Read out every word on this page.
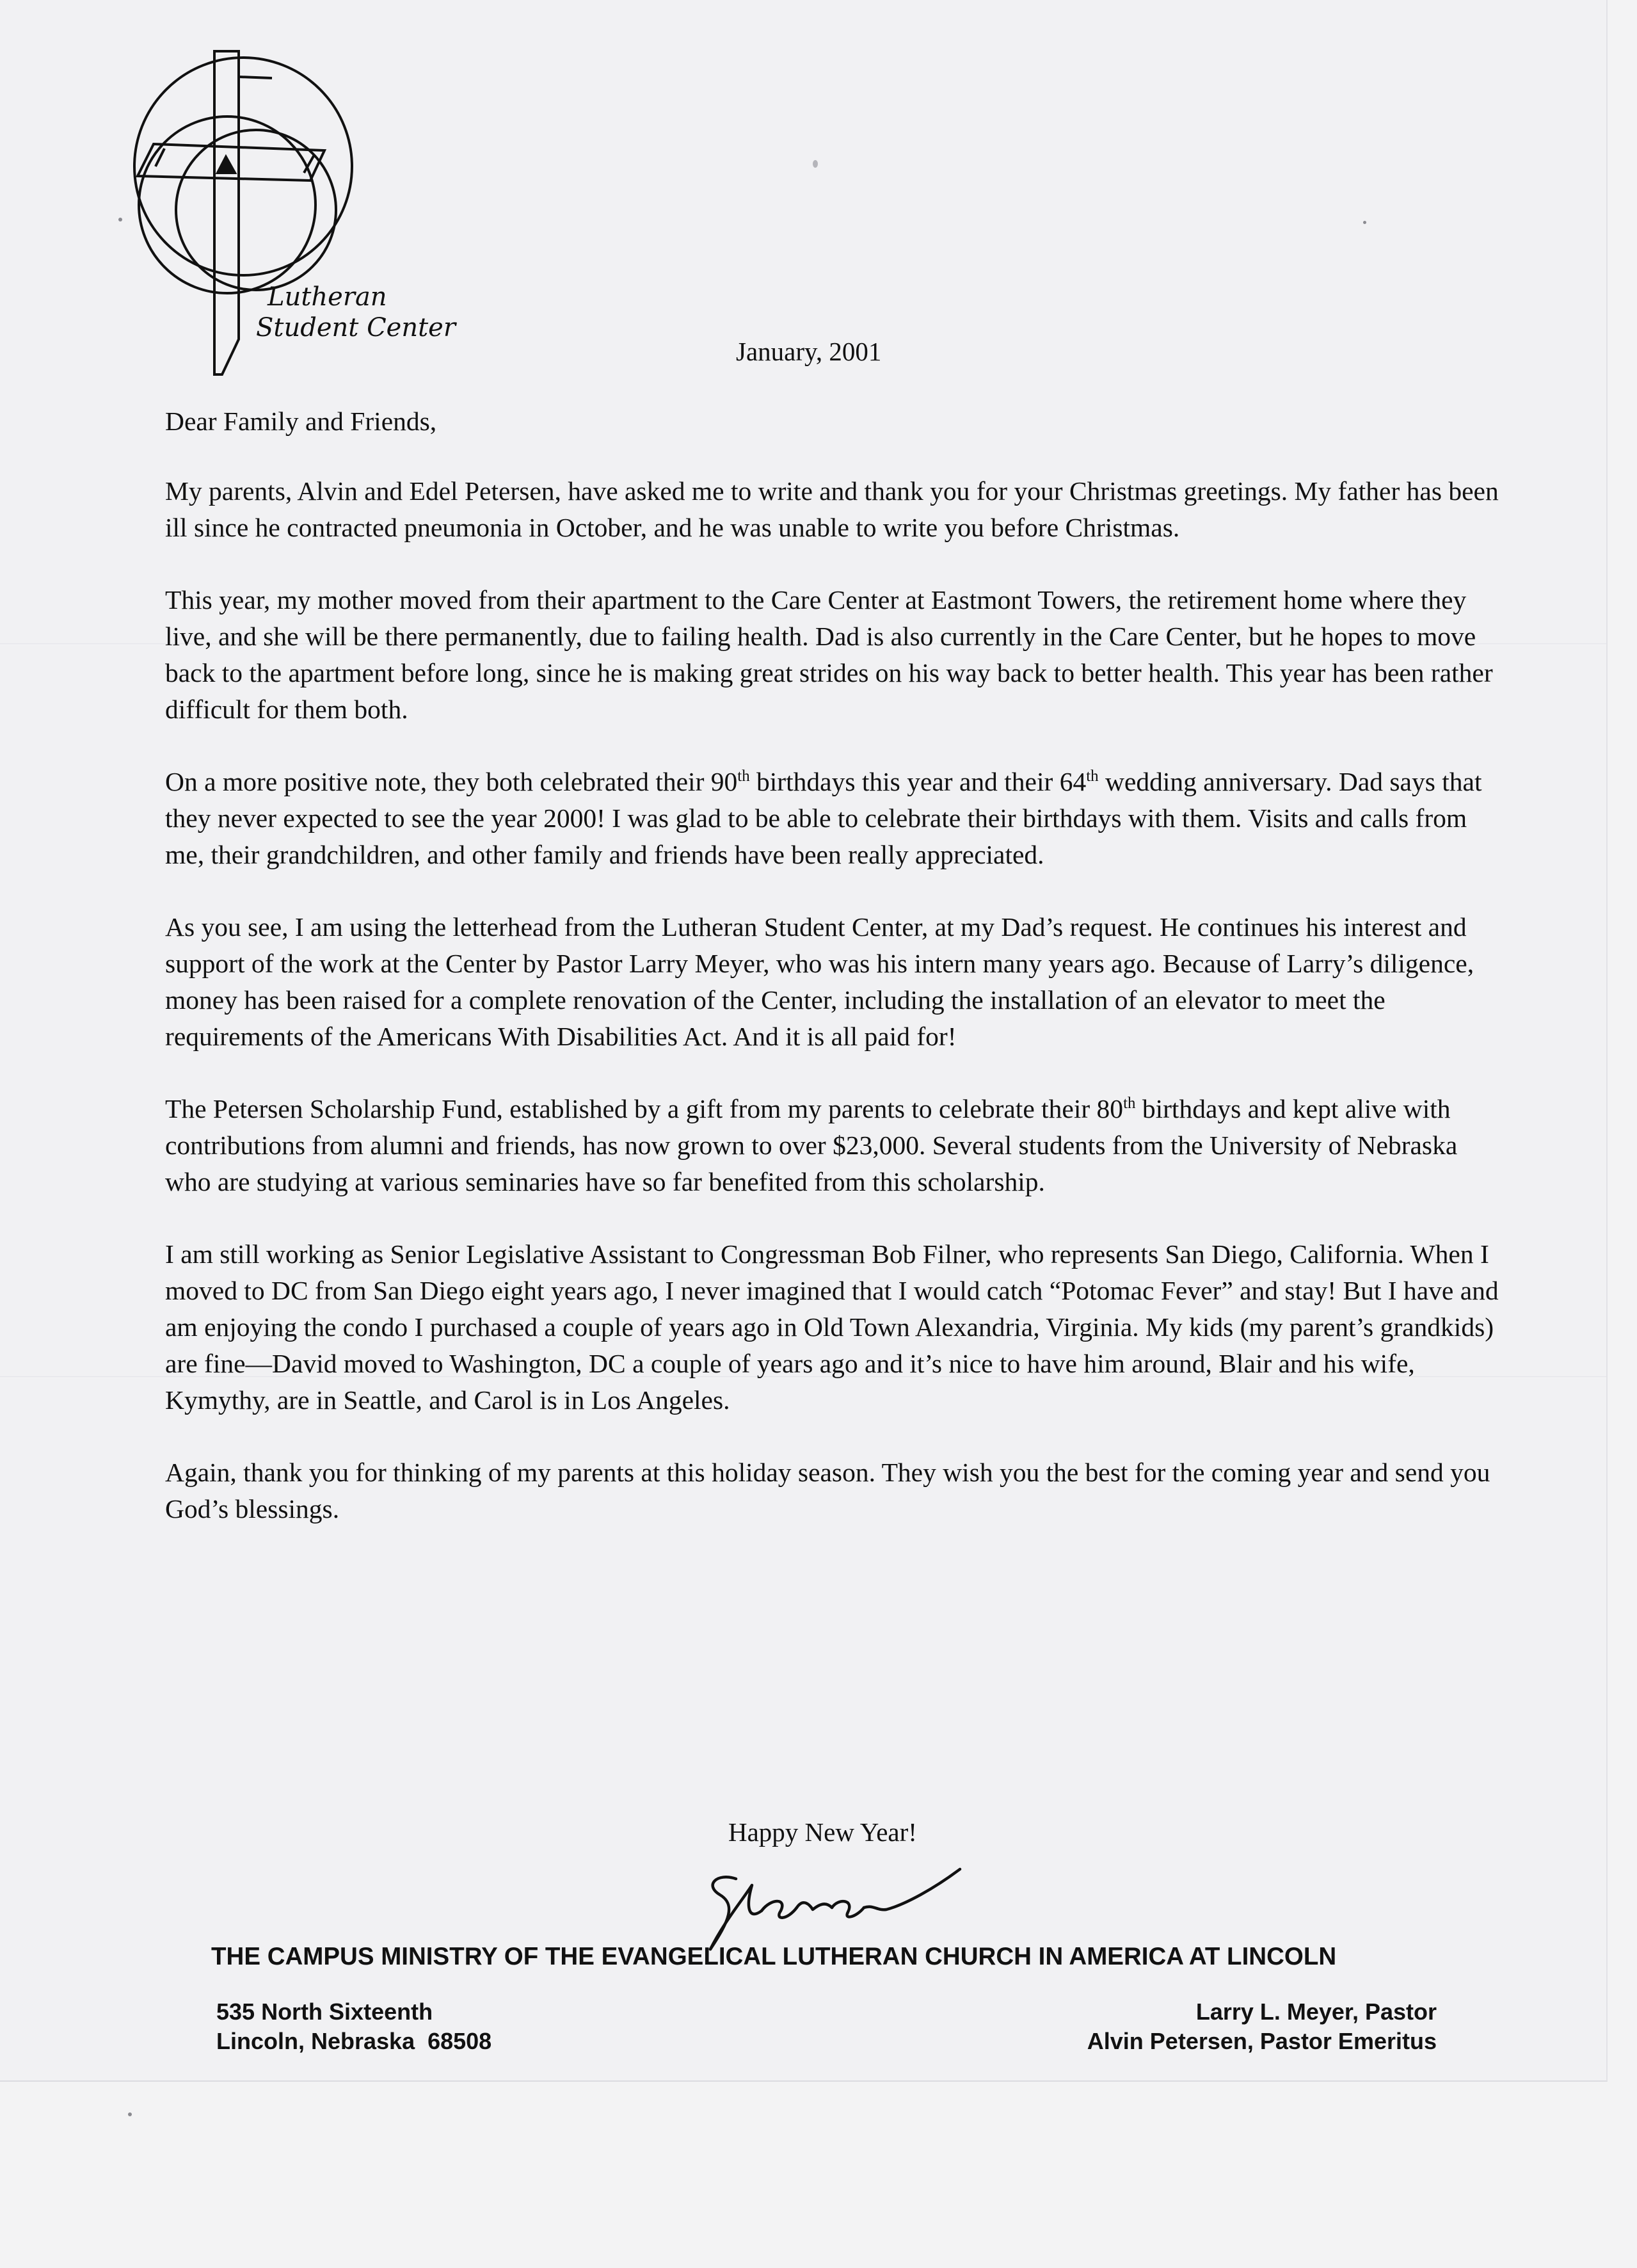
Lutheran
Student Center
January, 2001

Dear Family and Friends,

My parents, Alvin and Edel Petersen, have asked me to write and thank you for your Christmas greetings. My father has been ill since he contracted pneumonia in October, and he was unable to write you before Christmas.

This year, my mother moved from their apartment to the Care Center at Eastmont Towers, the retirement home where they live, and she will be there permanently, due to failing health. Dad is also currently in the Care Center, but he hopes to move back to the apartment before long, since he is making great strides on his way back to better health. This year has been rather difficult for them both.

On a more positive note, they both celebrated their 90th birthdays this year and their 64th wedding anniversary. Dad says that they never expected to see the year 2000! I was glad to be able to celebrate their birthdays with them. Visits and calls from me, their grandchildren, and other family and friends have been really appreciated.

As you see, I am using the letterhead from the Lutheran Student Center, at my Dad’s request. He continues his interest and support of the work at the Center by Pastor Larry Meyer, who was his intern many years ago. Because of Larry’s diligence, money has been raised for a complete renovation of the Center, including the installation of an elevator to meet the requirements of the Americans With Disabilities Act. And it is all paid for!

The Petersen Scholarship Fund, established by a gift from my parents to celebrate their 80th birthdays and kept alive with contributions from alumni and friends, has now grown to over $23,000. Several students from the University of Nebraska who are studying at various seminaries have so far benefited from this scholarship.

I am still working as Senior Legislative Assistant to Congressman Bob Filner, who represents San Diego, California. When I moved to DC from San Diego eight years ago, I never imagined that I would catch “Potomac Fever” and stay! But I have and am enjoying the condo I purchased a couple of years ago in Old Town Alexandria, Virginia. My kids (my parent’s grandkids) are fine—David moved to Washington, DC a couple of years ago and it’s nice to have him around, Blair and his wife, Kymythy, are in Seattle, and Carol is in Los Angeles.

Again, thank you for thinking of my parents at this holiday season. They wish you the best for the coming year and send you God’s blessings.

Happy New Year!
THE CAMPUS MINISTRY OF THE EVANGELICAL LUTHERAN CHURCH IN AMERICA AT LINCOLN
535 North Sixteenth
Lincoln, Nebraska  68508
Larry L. Meyer, Pastor
Alvin Petersen, Pastor Emeritus
